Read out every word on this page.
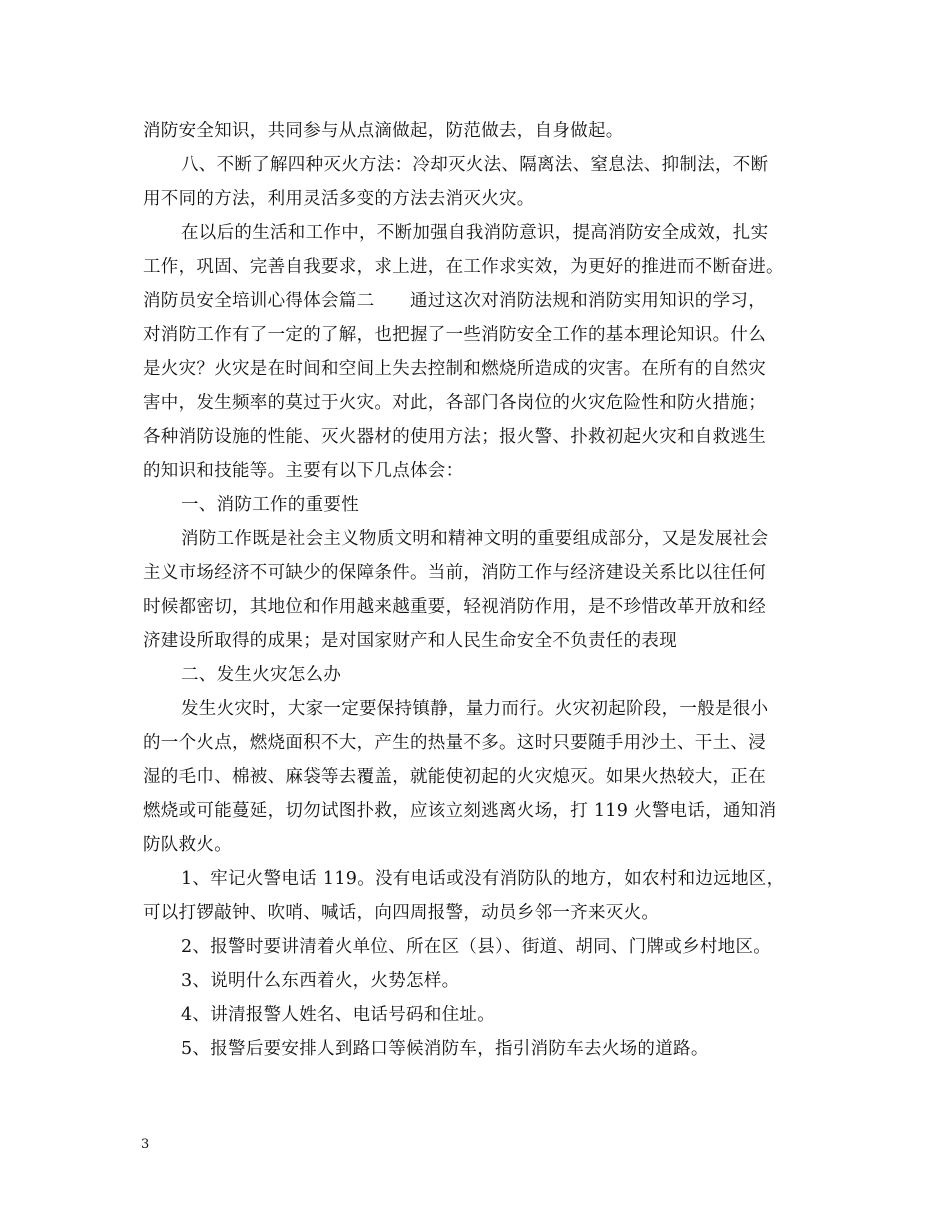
消防安全知识，共同参与从点滴做起，防范做去，自身做起。
八、不断了解四种灭火方法：冷却灭火法、隔离法、窒息法、抑制法，不断
用不同的方法，利用灵活多变的方法去消灭火灾。
在以后的生活和工作中，不断加强自我消防意识，提高消防安全成效，扎实
工作，巩固、完善自我要求，求上进，在工作求实效，为更好的推进而不断奋进。
消防员安全培训心得体会篇二　　通过这次对消防法规和消防实用知识的学习，
对消防工作有了一定的了解，也把握了一些消防安全工作的基本理论知识。什么
是火灾？火灾是在时间和空间上失去控制和燃烧所造成的灾害。在所有的自然灾
害中，发生频率的莫过于火灾。对此，各部门各岗位的火灾危险性和防火措施；
各种消防设施的性能、灭火器材的使用方法；报火警、扑救初起火灾和自救逃生
的知识和技能等。主要有以下几点体会：
一、消防工作的重要性
消防工作既是社会主义物质文明和精神文明的重要组成部分，又是发展社会
主义市场经济不可缺少的保障条件。当前，消防工作与经济建设关系比以往任何
时候都密切，其地位和作用越来越重要，轻视消防作用，是不珍惜改革开放和经
济建设所取得的成果；是对国家财产和人民生命安全不负责任的表现
二、发生火灾怎么办
发生火灾时，大家一定要保持镇静，量力而行。火灾初起阶段，一般是很小
的一个火点，燃烧面积不大，产生的热量不多。这时只要随手用沙土、干土、浸
湿的毛巾、棉被、麻袋等去覆盖，就能使初起的火灾熄灭。如果火热较大，正在
燃烧或可能蔓延，切勿试图扑救，应该立刻逃离火场，打 119 火警电话，通知消
防队救火。
1、牢记火警电话 119。没有电话或没有消防队的地方，如农村和边远地区，
可以打锣敲钟、吹哨、喊话，向四周报警，动员乡邻一齐来灭火。
2、报警时要讲清着火单位、所在区（县）、街道、胡同、门牌或乡村地区。
3、说明什么东西着火，火势怎样。
4、讲清报警人姓名、电话号码和住址。
5、报警后要安排人到路口等候消防车，指引消防车去火场的道路。
3
